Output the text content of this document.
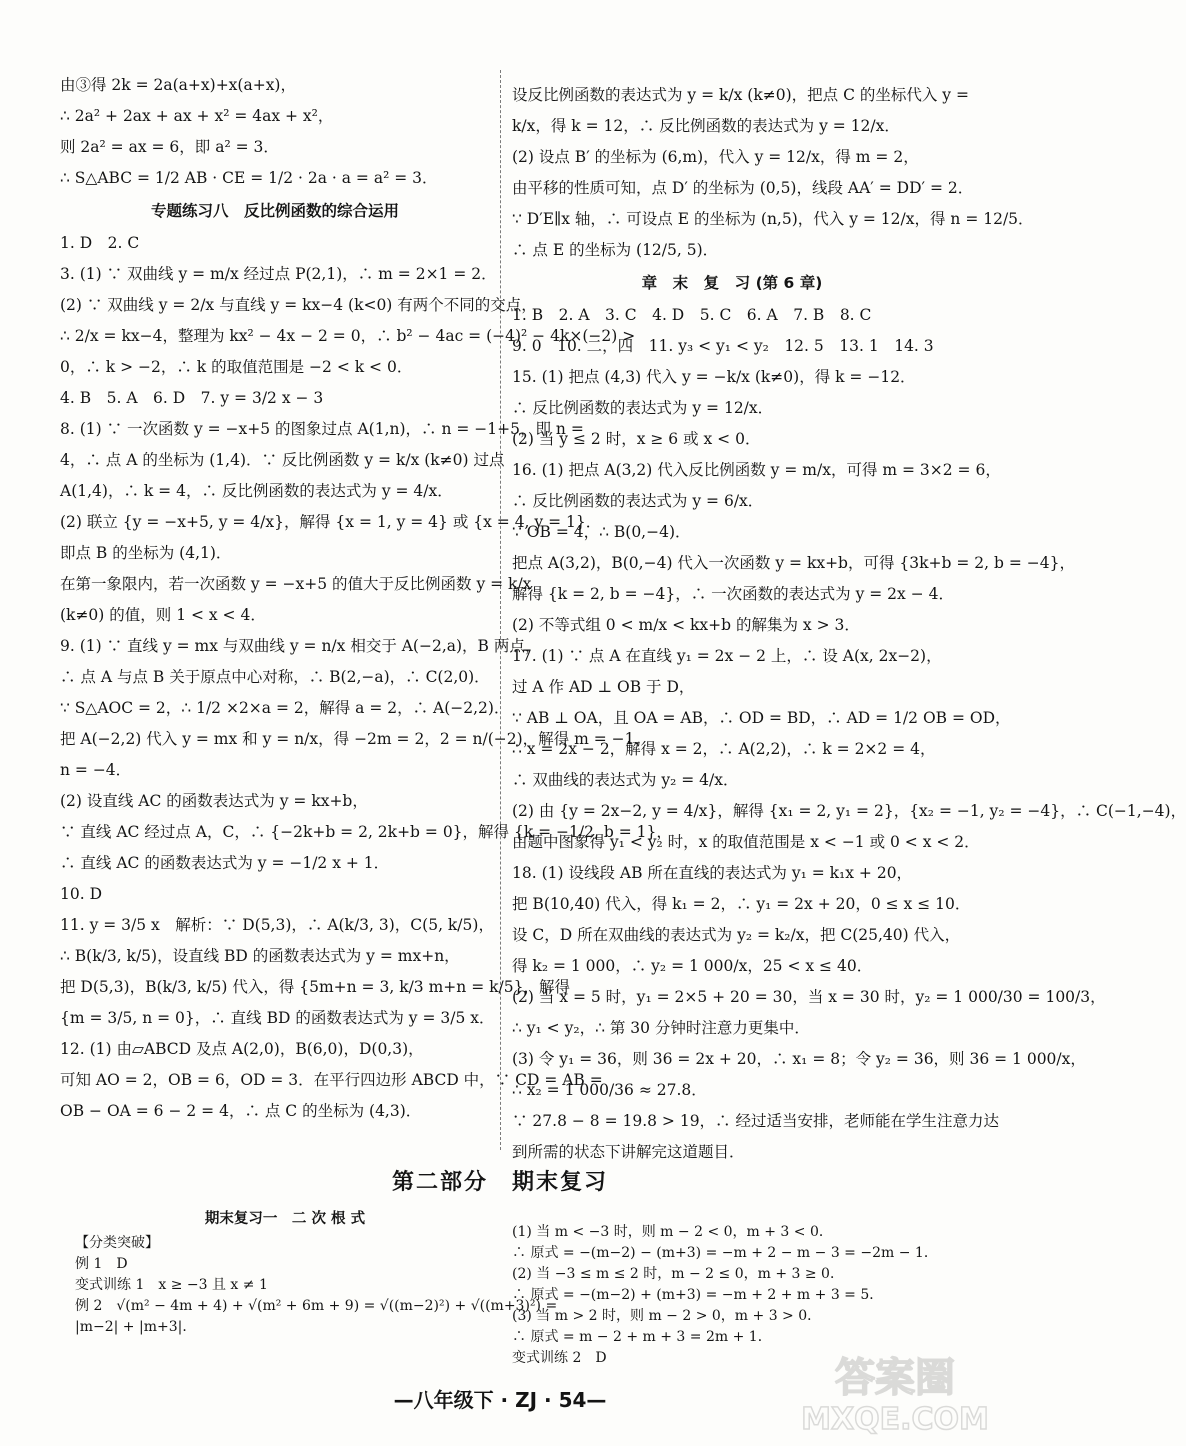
由③得 2k = 2a(a+x)+x(a+x)，
∴ 2a² + 2ax + ax + x² = 4ax + x²，
则 2a² = ax = 6，即 a² = 3．
∴ S△ABC = 1/2 AB · CE = 1/2 · 2a · a = a² = 3．
专题练习八　反比例函数的综合运用
1. D　2. C
3. (1) ∵ 双曲线 y = m/x 经过点 P(2,1)，∴ m = 2×1 = 2．
(2) ∵ 双曲线 y = 2/x 与直线 y = kx−4 (k<0) 有两个不同的交点，
∴ 2/x = kx−4，整理为 kx² − 4x − 2 = 0，∴ b² − 4ac = (−4)² − 4k×(−2) >
0，∴ k > −2，∴ k 的取值范围是 −2 < k < 0．
4. B　5. A　6. D　7. y = 3/2 x − 3
8. (1) ∵ 一次函数 y = −x+5 的图象过点 A(1,n)，∴ n = −1+5，即 n =
4，∴ 点 A 的坐标为 (1,4)．∵ 反比例函数 y = k/x (k≠0) 过点
A(1,4)，∴ k = 4，∴ 反比例函数的表达式为 y = 4/x．
(2) 联立 {y = −x+5, y = 4/x}，解得 {x = 1, y = 4} 或 {x = 4, y = 1}．
即点 B 的坐标为 (4,1)．
在第一象限内，若一次函数 y = −x+5 的值大于反比例函数 y = k/x
(k≠0) 的值，则 1 < x < 4．
9. (1) ∵ 直线 y = mx 与双曲线 y = n/x 相交于 A(−2,a)，B 两点，
∴ 点 A 与点 B 关于原点中心对称，∴ B(2,−a)，∴ C(2,0)．
∵ S△AOC = 2，∴ 1/2 ×2×a = 2，解得 a = 2，∴ A(−2,2)．
把 A(−2,2) 代入 y = mx 和 y = n/x，得 −2m = 2，2 = n/(−2)，解得 m = −1，
n = −4．
(2) 设直线 AC 的函数表达式为 y = kx+b，
∵ 直线 AC 经过点 A，C，∴ {−2k+b = 2, 2k+b = 0}，解得 {k = −1/2, b = 1}，
∴ 直线 AC 的函数表达式为 y = −1/2 x + 1．
10. D
11. y = 3/5 x　解析：∵ D(5,3)，∴ A(k/3, 3)，C(5, k/5)，
∴ B(k/3, k/5)，设直线 BD 的函数表达式为 y = mx+n，
把 D(5,3)，B(k/3, k/5) 代入，得 {5m+n = 3, k/3 m+n = k/5}，解得
{m = 3/5, n = 0}，∴ 直线 BD 的函数表达式为 y = 3/5 x．
12. (1) 由▱ABCD 及点 A(2,0)，B(6,0)，D(0,3)，
可知 AO = 2，OB = 6，OD = 3．在平行四边形 ABCD 中，∵ CD = AB =
OB − OA = 6 − 2 = 4，∴ 点 C 的坐标为 (4,3)．
设反比例函数的表达式为 y = k/x (k≠0)，把点 C 的坐标代入 y =
k/x，得 k = 12，∴ 反比例函数的表达式为 y = 12/x．
(2) 设点 B′ 的坐标为 (6,m)，代入 y = 12/x，得 m = 2，
由平移的性质可知，点 D′ 的坐标为 (0,5)，线段 AA′ = DD′ = 2．
∵ D′E∥x 轴，∴ 可设点 E 的坐标为 (n,5)，代入 y = 12/x，得 n = 12/5．
∴ 点 E 的坐标为 (12/5, 5)．
章　末　复　习 (第 6 章)
1. B　2. A　3. C　4. D　5. C　6. A　7. B　8. C
9. 0　10. 二，四　11. y₃ < y₁ < y₂　12. 5　13. 1　14. 3
15. (1) 把点 (4,3) 代入 y = −k/x (k≠0)，得 k = −12．
∴ 反比例函数的表达式为 y = 12/x．
(2) 当 y ≤ 2 时，x ≥ 6 或 x < 0．
16. (1) 把点 A(3,2) 代入反比例函数 y = m/x，可得 m = 3×2 = 6，
∴ 反比例函数的表达式为 y = 6/x．
∵ OB = 4，∴ B(0,−4)．
把点 A(3,2)，B(0,−4) 代入一次函数 y = kx+b，可得 {3k+b = 2, b = −4}，
解得 {k = 2, b = −4}，∴ 一次函数的表达式为 y = 2x − 4．
(2) 不等式组 0 < m/x < kx+b 的解集为 x > 3．
17. (1) ∵ 点 A 在直线 y₁ = 2x − 2 上，∴ 设 A(x, 2x−2)，
过 A 作 AD ⊥ OB 于 D，
∵ AB ⊥ OA，且 OA = AB，∴ OD = BD，∴ AD = 1/2 OB = OD，
∴ x = 2x − 2，解得 x = 2，∴ A(2,2)，∴ k = 2×2 = 4，
∴ 双曲线的表达式为 y₂ = 4/x．
(2) 由 {y = 2x−2, y = 4/x}，解得 {x₁ = 2, y₁ = 2}，{x₂ = −1, y₂ = −4}，∴ C(−1,−4)，
由题中图象得 y₁ < y₂ 时，x 的取值范围是 x < −1 或 0 < x < 2．
18. (1) 设线段 AB 所在直线的表达式为 y₁ = k₁x + 20，
把 B(10,40) 代入，得 k₁ = 2，∴ y₁ = 2x + 20，0 ≤ x ≤ 10．
设 C，D 所在双曲线的表达式为 y₂ = k₂/x，把 C(25,40) 代入，
得 k₂ = 1 000，∴ y₂ = 1 000/x，25 < x ≤ 40．
(2) 当 x = 5 时，y₁ = 2×5 + 20 = 30，当 x = 30 时，y₂ = 1 000/30 = 100/3，
∴ y₁ < y₂，∴ 第 30 分钟时注意力更集中．
(3) 令 y₁ = 36，则 36 = 2x + 20，∴ x₁ = 8；令 y₂ = 36，则 36 = 1 000/x，
∴ x₂ = 1 000/36 ≈ 27.8．
∵ 27.8 − 8 = 19.8 > 19，∴ 经过适当安排，老师能在学生注意力达
到所需的状态下讲解完这道题目．
第二部分　期末复习
期末复习一　二 次 根 式
【分类突破】
例 1　D
变式训练 1　x ≥ −3 且 x ≠ 1
例 2　√(m² − 4m + 4) + √(m² + 6m + 9) = √((m−2)²) + √((m+3)²) =
|m−2| + |m+3|．
(1) 当 m < −3 时，则 m − 2 < 0，m + 3 < 0．
∴ 原式 = −(m−2) − (m+3) = −m + 2 − m − 3 = −2m − 1．
(2) 当 −3 ≤ m ≤ 2 时，m − 2 ≤ 0，m + 3 ≥ 0．
∴ 原式 = −(m−2) + (m+3) = −m + 2 + m + 3 = 5．
(3) 当 m > 2 时，则 m − 2 > 0，m + 3 > 0．
∴ 原式 = m − 2 + m + 3 = 2m + 1．
变式训练 2　D
—八年级下 · ZJ · 54—	答案圈
MXQE.COM
